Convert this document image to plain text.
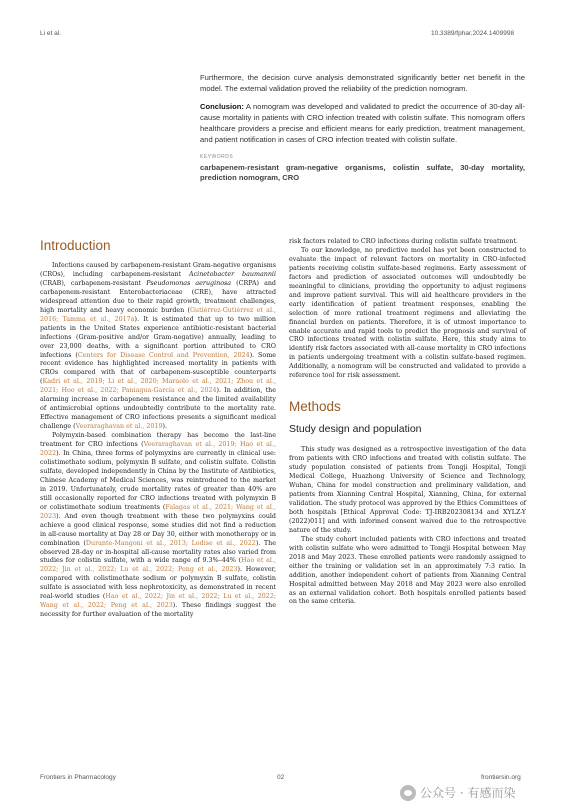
Li et al.	10.3389/fphar.2024.1409998

Furthermore, the decision curve analysis demonstrated significantly better net benefit in the model. The external validation proved the reliability of the prediction nomogram.

Conclusion: A nomogram was developed and validated to predict the occurrence of 30-day all-cause mortality in patients with CRO infection treated with colistin sulfate. This nomogram offers healthcare providers a precise and efficient means for early prediction, treatment management, and patient notification in cases of CRO infection treated with colistin sulfate.

KEYWORDS
carbapenem-resistant gram-negative organisms, colistin sulfate, 30-day mortality, prediction nomogram, CRO
Introduction

Infections caused by carbapenem-resistant Gram-negative organisms (CROs), including carbapenem-resistant Acinetobacter baumannii (CRAB), carbapenem-resistant Pseudomonas aeruginosa (CRPA) and carbapenem-resistant Enterobacteriaceae (CRE), have attracted widespread attention due to their rapid growth, treatment challenges, high mortality and heavy economic burden (Gutiérrez-Gutiérrez et al., 2016; Tamma et al., 2017a). It is estimated that up to two million patients in the United States experience antibiotic-resistant bacterial infections (Gram-positive and/or Gram-negative) annually, leading to over 23,000 deaths, with a significant portion attributed to CRO infections (Centers for Disease Control and Prevention, 2024). Some recent evidence has highlighted increased mortality in patients with CROs compared with that of carbapenem-susceptible counterparts (Kadri et al., 2019; Li et al., 2020; Maraolo et al., 2021; Zhou et al., 2021; Hoo et al., 2022; Paniagua-García et al., 2024). In addition, the alarming increase in carbapenem resistance and the limited availability of antimicrobial options undoubtedly contribute to the mortality rate. Effective management of CRO infections presents a significant medical challenge (Veeraraghavan et al., 2019).

Polymyxin-based combination therapy has become the last-line treatment for CRO infections (Veeraraghavan et al., 2019; Hao et al., 2022). In China, three forms of polymyxins are currently in clinical use: colistimethate sodium, polymyxin B sulfate, and colistin sulfate. Colistin sulfate, developed independently in China by the Institute of Antibiotics, Chinese Academy of Medical Sciences, was reintroduced to the market in 2019. Unfortunately, crude mortality rates of greater than 40% are still occasionally reported for CRO infections treated with polymyxin B or colistimethate sodium treatments (Falagas et al., 2021; Wang et al., 2023). And even though treatment with these two polymyxins could achieve a good clinical response, some studies did not find a reduction in all-cause mortality at Day 28 or Day 30, either with monotherapy or in combination (Durante-Mangoni et al., 2013; Lodise et al., 2022). The observed 28-day or in-hospital all-cause mortality rates also varied from studies for colistin sulfate, with a wide range of 9.3%–44% (Hao et al., 2022; Jin et al., 2022; Lu et al., 2022; Peng et al., 2023). However, compared with colistimethate sodium or polymyxin B sulfate, colistin sulfate is associated with less nephrotoxicity, as demonstrated in recent real-world studies (Hao et al., 2022; Jin et al., 2022; Lu et al., 2022; Wang et al., 2022; Peng et al., 2023). These findings suggest the necessity for further evaluation of the mortality

risk factors related to CRO infections during colistin sulfate treatment.

To our knowledge, no predictive model has yet been constructed to evaluate the impact of relevant factors on mortality in CRO-infected patients receiving colistin sulfate-based regimens. Early assessment of factors and prediction of associated outcomes will undoubtedly be meaningful to clinicians, providing the opportunity to adjust regimens and improve patient survival. This will aid healthcare providers in the early identification of patient treatment responses, enabling the selection of more rational treatment regimens and alleviating the financial burden on patients. Therefore, it is of utmost importance to enable accurate and rapid tools to predict the prognosis and survival of CRO infections treated with colistin sulfate. Here, this study aims to identify risk factors associated with all-cause mortality in CRO infections in patients undergoing treatment with a colistin sulfate-based regimen. Additionally, a nomogram will be constructed and validated to provide a reference tool for risk assessment.

Methods
Study design and population

This study was designed as a retrospective investigation of the data from patients with CRO infections and treated with colistin sulfate. The study population consisted of patients from Tongji Hospital, Tongji Medical College, Huazhong University of Science and Technology, Wuhan, China for model construction and preliminary validation, and patients from Xianning Central Hospital, Xianning, China, for external validation. The study protocol was approved by the Ethics Committees of both hospitals [Ethical Approval Code: TJ-IRB202308134 and XYLZ-Y (2022)011] and with informed consent waived due to the retrospective nature of the study.

The study cohort included patients with CRO infections and treated with colistin sulfate who were admitted to Tongji Hospital between May 2018 and May 2023. These enrolled patients were randomly assigned to either the training or validation set in an approximately 7:3 ratio. In addition, another independent cohort of patients from Xianning Central Hospital admitted between May 2018 and May 2023 were also enrolled as an external validation cohort. Both hospitals enrolled patients based on the same criteria.

Frontiers in Pharmacology	02	frontiersin.org
公众号 · 有感而染
